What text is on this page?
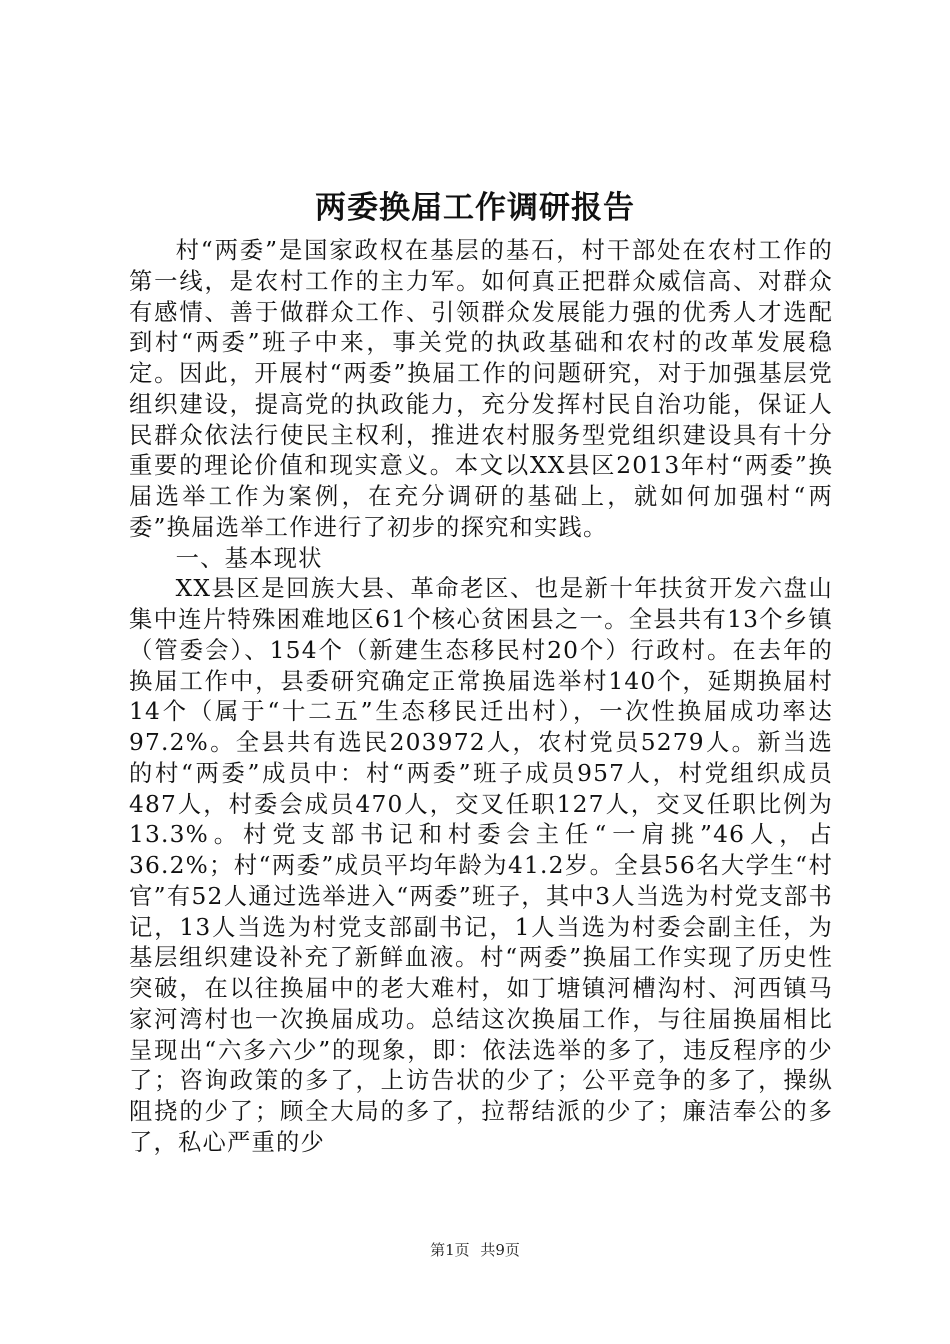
两委换届工作调研报告

村“两委”是国家政权在基层的基石，村干部处在农村工作的第一线，是农村工作的主力军。如何真正把群众威信高、对群众有感情、善于做群众工作、引领群众发展能力强的优秀人才选配到村“两委”班子中来，事关党的执政基础和农村的改革发展稳定。因此，开展村“两委”换届工作的问题研究，对于加强基层党组织建设，提高党的执政能力，充分发挥村民自治功能，保证人民群众依法行使民主权利，推进农村服务型党组织建设具有十分重要的理论价值和现实意义。本文以XX县区2013年村“两委”换届选举工作为案例，在充分调研的基础上，就如何加强村“两委”换届选举工作进行了初步的探究和实践。

一、基本现状

XX县区是回族大县、革命老区、也是新十年扶贫开发六盘山集中连片特殊困难地区61个核心贫困县之一。全县共有13个乡镇（管委会）、154个（新建生态移民村20个）行政村。在去年的换届工作中，县委研究确定正常换届选举村140个，延期换届村14个（属于“十二五”生态移民迁出村），一次性换届成功率达97.2%。全县共有选民203972人，农村党员5279人。新当选的村“两委”成员中：村“两委”班子成员957人，村党组织成员487人，村委会成员470人，交叉任职127人，交叉任职比例为13.3%。村党支部书记和村委会主任“一肩挑”46人，占36.2%；村“两委”成员平均年龄为41.2岁。全县56名大学生“村官”有52人通过选举进入“两委”班子，其中3人当选为村党支部书记，13人当选为村党支部副书记，1人当选为村委会副主任，为基层组织建设补充了新鲜血液。村“两委”换届工作实现了历史性突破，在以往换届中的老大难村，如丁塘镇河槽沟村、河西镇马家河湾村也一次换届成功。总结这次换届工作，与往届换届相比呈现出“六多六少”的现象，即：依法选举的多了，违反程序的少了；咨询政策的多了，上访告状的少了；公平竞争的多了，操纵阻挠的少了；顾全大局的多了，拉帮结派的少了；廉洁奉公的多了，私心严重的少

第1页 共9页
